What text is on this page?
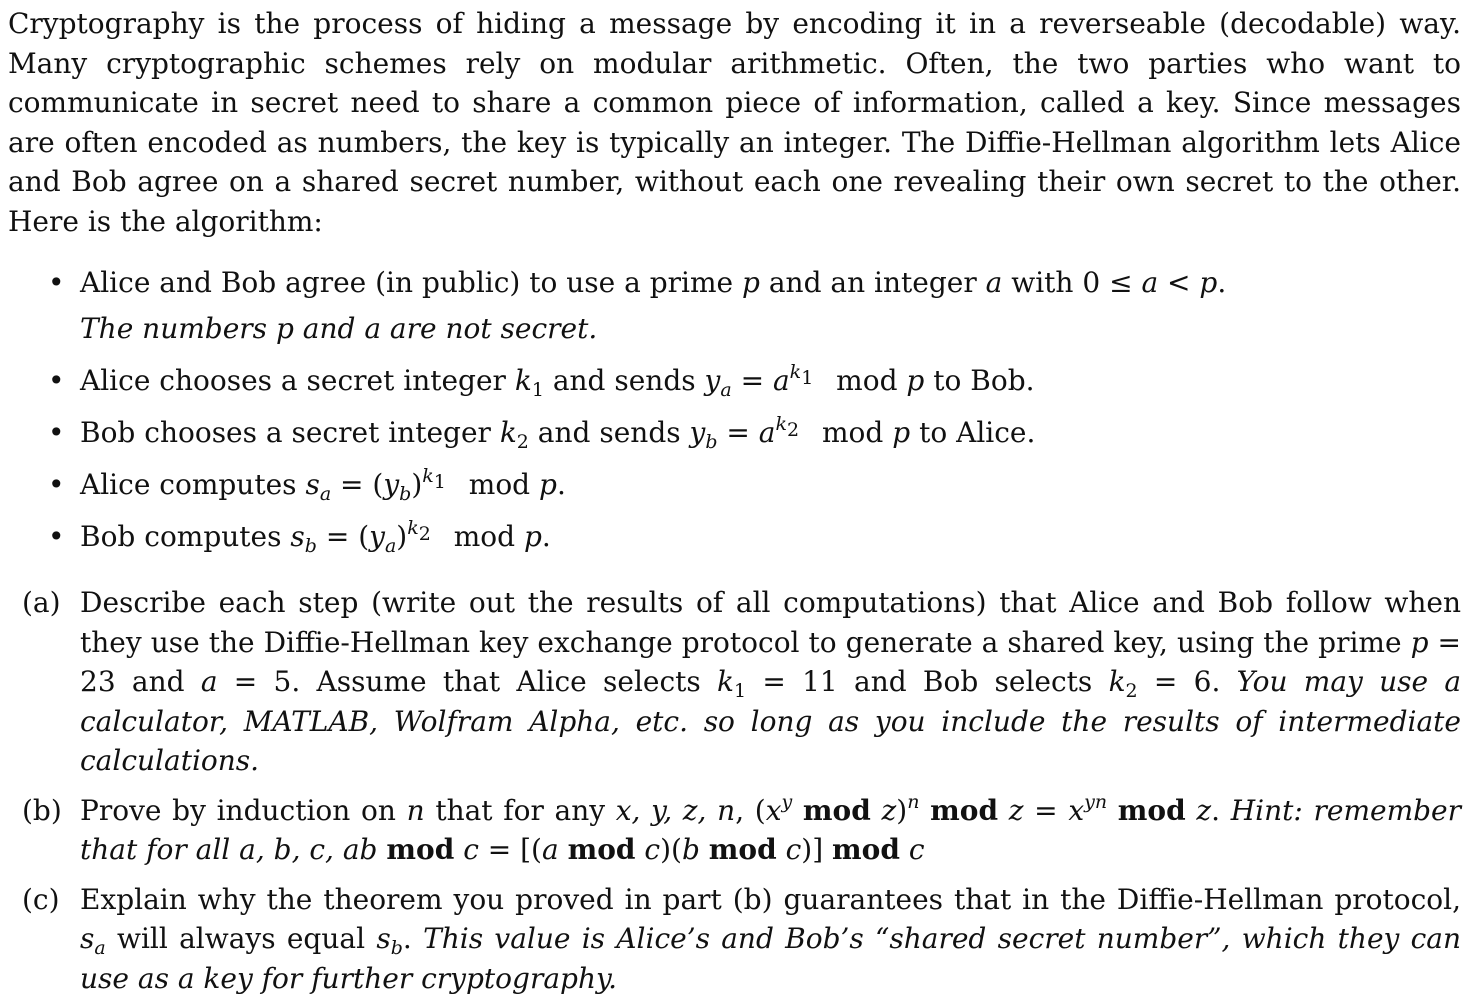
Cryptography is the process of hiding a message by encoding it in a reverseable (decodable) way. Many cryptographic schemes rely on modular arithmetic. Often, the two parties who want to communicate in secret need to share a common piece of information, called a key. Since messages are often encoded as numbers, the key is typically an integer. The Diffie-Hellman algorithm lets Alice and Bob agree on a shared secret number, without each one revealing their own secret to the other. Here is the algorithm:

• Alice and Bob agree (in public) to use a prime p and an integer a with 0 ≤ a < p.
The numbers p and a are not secret.
• Alice chooses a secret integer $k_1$ and sends $y_a = a^{k_1}$ mod p to Bob.
• Bob chooses a secret integer $k_2$ and sends $y_b = a^{k_2}$ mod p to Alice.
• Alice computes $s_a = (y_b)^{k_1}$ mod p.
• Bob computes $s_b = (y_a)^{k_2}$ mod p.
(a) Describe each step (write out the results of all computations) that Alice and Bob follow when they use the Diffie-Hellman key exchange protocol to generate a shared key, using the prime p = 23 and a = 5. Assume that Alice selects $k_1 = 11$ and Bob selects $k_2 = 6$. You may use a calculator, MATLAB, Wolfram Alpha, etc. so long as you include the results of intermediate calculations.
(b) Prove by induction on n that for any x, y, z, n, ($x^y$ mod z)$^n$ mod $z = x^{yn}$ mod z. Hint: remember that for all a, b, c, ab mod c = [(a mod c)(b mod c)] mod c
(c) Explain why the theorem you proved in part (b) guarantees that in the Diffie-Hellman protocol, $s_a$ will always equal $s_b$. This value is Alice’s and Bob’s “shared secret number”, which they can use as a key for further cryptography.
